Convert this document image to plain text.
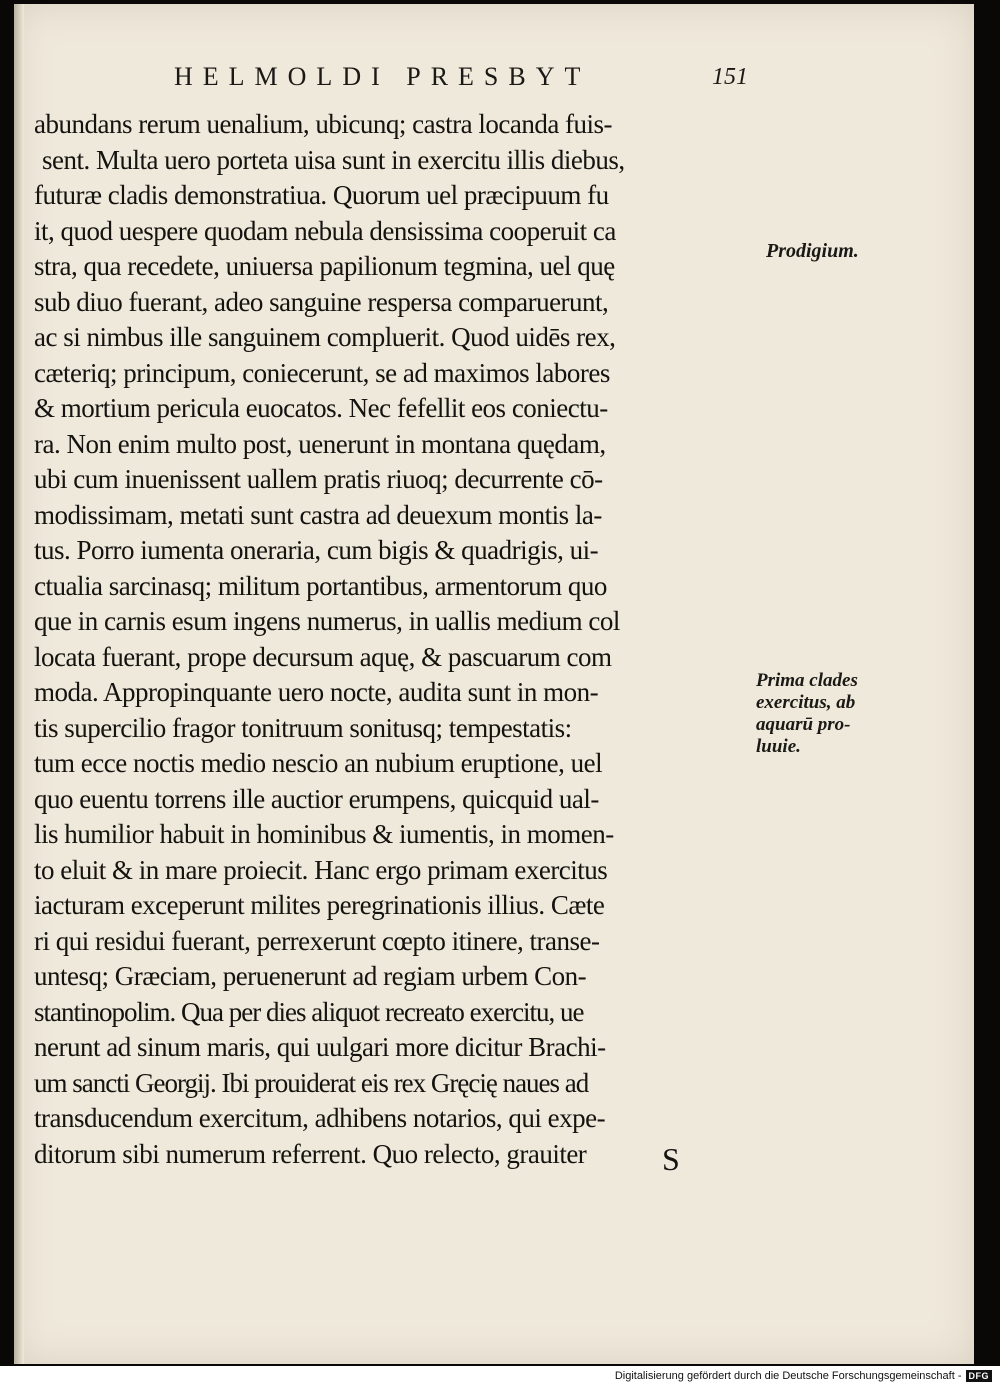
HELMOLDI PRESBYT	151
abundans rerum uenalium, ubicunq; castra locanda fuis-
sent. Multa uero porteta uisa sunt in exercitu illis diebus,
futuræ cladis demonstratiua. Quorum uel præcipuum fu
it, quod uespere quodam nebula densissima cooperuit ca
stra, qua recedete, uniuersa papilionum tegmina, uel quę
sub diuo fuerant, adeo sanguine respersa comparuerunt,
ac si nimbus ille sanguinem compluerit. Quod uidēs rex,
cæteriq; principum, coniecerunt, se ad maximos labores
& mortium pericula euocatos. Nec fefellit eos coniectu-
ra. Non enim multo post, uenerunt in montana quędam,
ubi cum inuenissent uallem pratis riuoq; decurrente cō-
modissimam, metati sunt castra ad deuexum montis la-
tus. Porro iumenta oneraria, cum bigis & quadrigis, ui-
ctualia sarcinasq; militum portantibus, armentorum quo
que in carnis esum ingens numerus, in uallis medium col
locata fuerant, prope decursum aquę, & pascuarum com
moda. Appropinquante uero nocte, audita sunt in mon-
tis supercilio fragor tonitruum sonitusq; tempestatis:
tum ecce noctis medio nescio an nubium eruptione, uel
quo euentu torrens ille auctior erumpens, quicquid ual-
lis humilior habuit in hominibus & iumentis, in momen-
to eluit & in mare proiecit. Hanc ergo primam exercitus
iacturam exceperunt milites peregrinationis illius. Cæte
ri qui residui fuerant, perrexerunt cœpto itinere, transe-
untesq; Græciam, peruenerunt ad regiam urbem Con-
stantinopolim. Qua per dies aliquot recreato exercitu, ue
nerunt ad sinum maris, qui uulgari more dicitur Brachi-
um sancti Georgij. Ibi prouiderat eis rex Gręcię naues ad
transducendum exercitum, adhibens notarios, qui expe-
ditorum sibi numerum referrent. Quo relecto, grauiter	S
Prodigium.
Prima clades
exercitus, ab
aquarū pro-
luuie.
Digitalisierung gefördert durch die Deutsche Forschungsgemeinschaft - DFG
